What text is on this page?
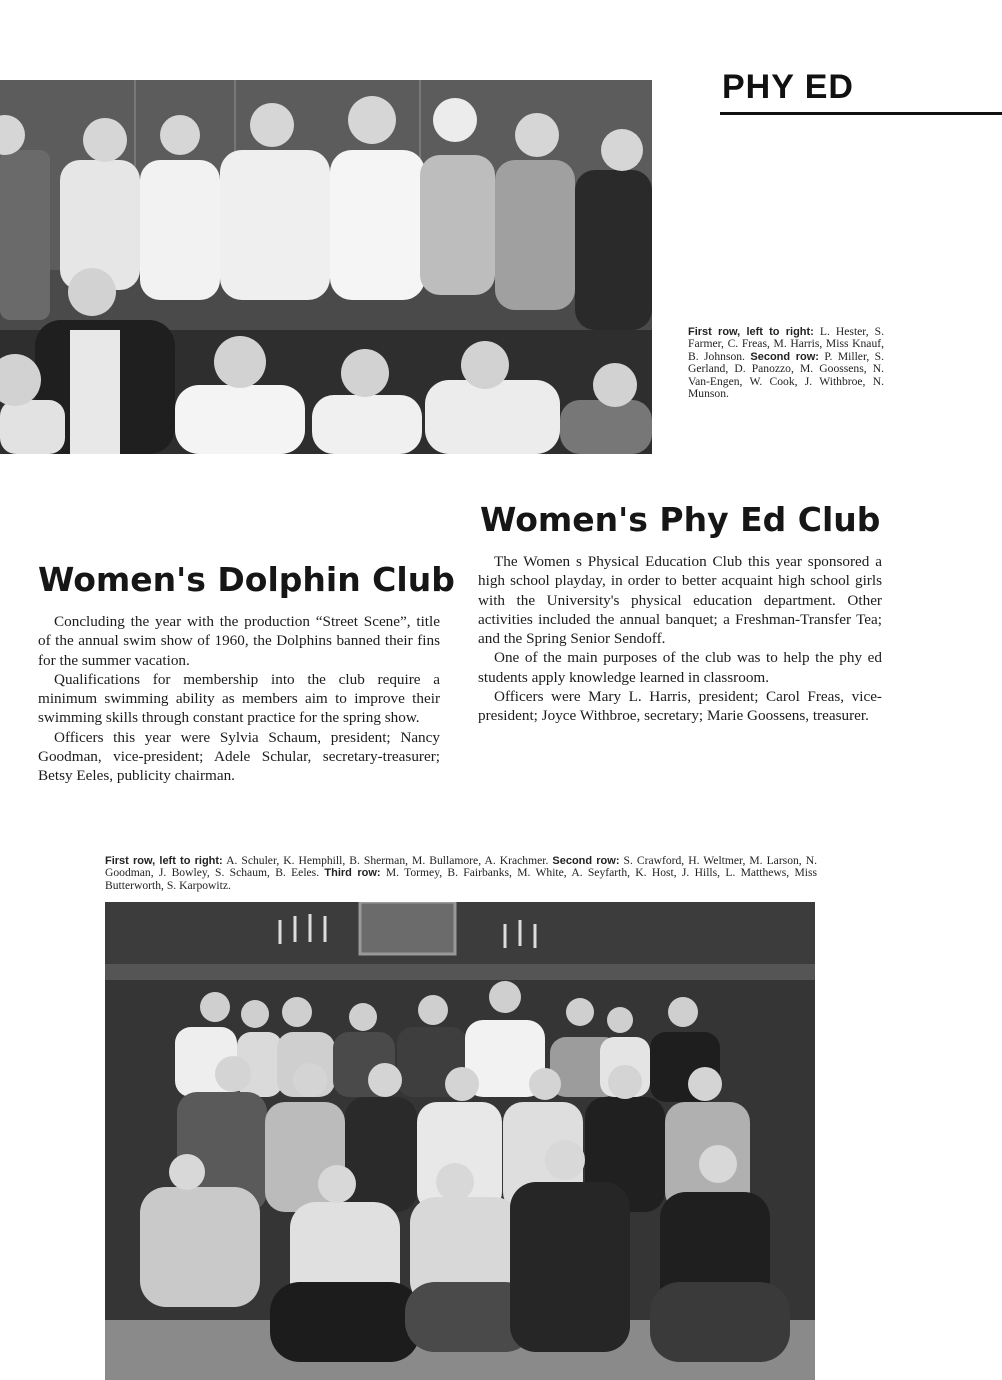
PHY ED
First row, left to right: L. Hester, S. Farmer, C. Freas, M. Harris, Miss Knauf, B. Johnson. Second row: P. Miller, S. Gerland, D. Panozzo, M. Goossens, N. Van-Engen, W. Cook, J. Withbroe, N. Munson.
Women's Phy Ed Club

The Women s Physical Education Club this year sponsored a high school playday, in order to better acquaint high school girls with the University's physical education department. Other activities included the annual banquet; a Freshman-Transfer Tea; and the Spring Senior Sendoff.

One of the main purposes of the club was to help the phy ed students apply knowledge learned in classroom.

Officers were Mary L. Harris, president; Carol Freas, vice-president; Joyce Withbroe, secretary; Marie Goossens, treasurer.

Women's Dolphin Club

Concluding the year with the production “Street Scene”, title of the annual swim show of 1960, the Dolphins banned their fins for the summer vacation.

Qualifications for membership into the club require a minimum swimming ability as members aim to improve their swimming skills through constant practice for the spring show.

Officers this year were Sylvia Schaum, president; Nancy Goodman, vice-president; Adele Schular, secretary-treasurer; Betsy Eeles, publicity chairman.

First row, left to right: A. Schuler, K. Hemphill, B. Sherman, M. Bullamore, A. Krachmer. Second row: S. Crawford, H. Weltmer, M. Larson, N. Goodman, J. Bowley, S. Schaum, B. Eeles. Third row: M. Tormey, B. Fairbanks, M. White, A. Seyfarth, K. Host, J. Hills, L. Matthews, Miss Butterworth, S. Karpowitz.
